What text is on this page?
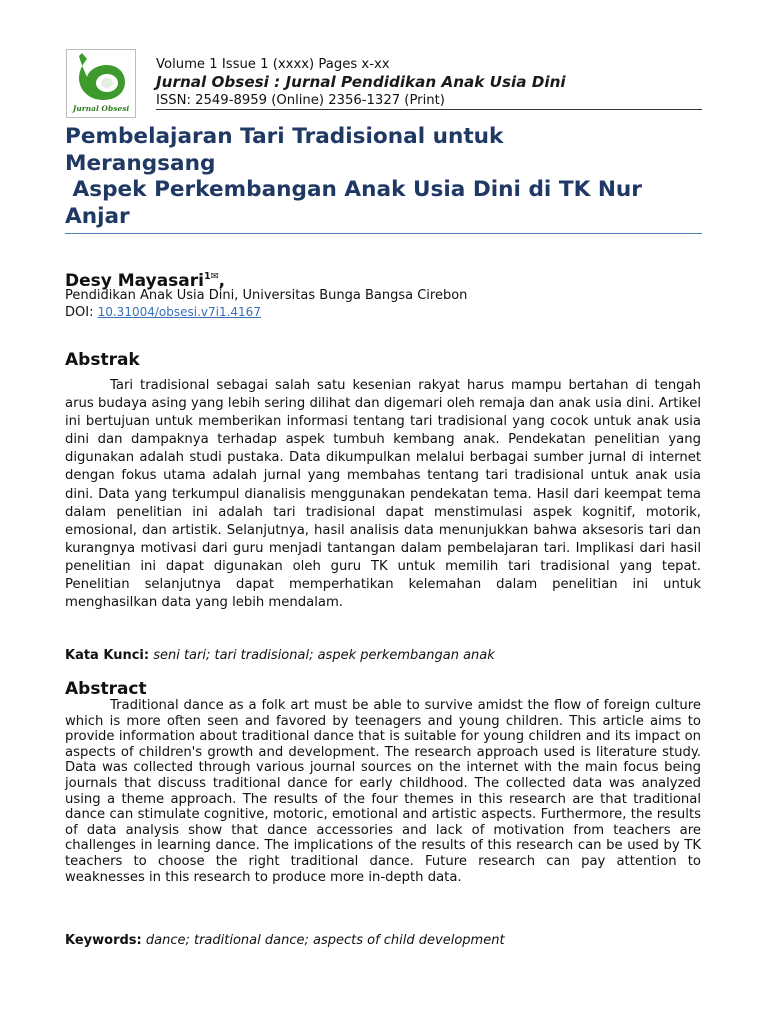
Jurnal Obsesi
Volume 1 Issue 1 (xxxx) Pages x-xx
Jurnal Obsesi : Jurnal Pendidikan Anak Usia Dini
ISSN: 2549-8959 (Online) 2356-1327 (Print)
Pembelajaran Tari Tradisional untuk
Merangsang
Aspek Perkembangan Anak Usia Dini di TK Nur
Anjar
Desy Mayasari$^{1✉}$,
Pendidikan Anak Usia Dini, Universitas Bunga Bangsa Cirebon
DOI: 10.31004/obsesi.v7i1.4167
Abstrak

Tari tradisional sebagai salah satu kesenian rakyat harus mampu bertahan di tengah arus budaya asing yang lebih sering dilihat dan digemari oleh remaja dan anak usia dini. Artikel ini bertujuan untuk memberikan informasi tentang tari tradisional yang cocok untuk anak usia dini dan dampaknya terhadap aspek tumbuh kembang anak. Pendekatan penelitian yang digunakan adalah studi pustaka. Data dikumpulkan melalui berbagai sumber jurnal di internet dengan fokus utama adalah jurnal yang membahas tentang tari tradisional untuk anak usia dini. Data yang terkumpul dianalisis menggunakan pendekatan tema. Hasil dari keempat tema dalam penelitian ini adalah tari tradisional dapat menstimulasi aspek kognitif, motorik, emosional, dan artistik. Selanjutnya, hasil analisis data menunjukkan bahwa aksesoris tari dan kurangnya motivasi dari guru menjadi tantangan dalam pembelajaran tari. Implikasi dari hasil penelitian ini dapat digunakan oleh guru TK untuk memilih tari tradisional yang tepat. Penelitian selanjutnya dapat memperhatikan kelemahan dalam penelitian ini untuk menghasilkan data yang lebih mendalam.

Kata Kunci: seni tari; tari tradisional; aspek perkembangan anak
Abstract

Traditional dance as a folk art must be able to survive amidst the flow of foreign culture which is more often seen and favored by teenagers and young children. This article aims to provide information about traditional dance that is suitable for young children and its impact on aspects of children's growth and development. The research approach used is literature study. Data was collected through various journal sources on the internet with the main focus being journals that discuss traditional dance for early childhood. The collected data was analyzed using a theme approach. The results of the four themes in this research are that traditional dance can stimulate cognitive, motoric, emotional and artistic aspects. Furthermore, the results of data analysis show that dance accessories and lack of motivation from teachers are challenges in learning dance. The implications of the results of this research can be used by TK teachers to choose the right traditional dance. Future research can pay attention to weaknesses in this research to produce more in-depth data.

Keywords: dance; traditional dance; aspects of child development
